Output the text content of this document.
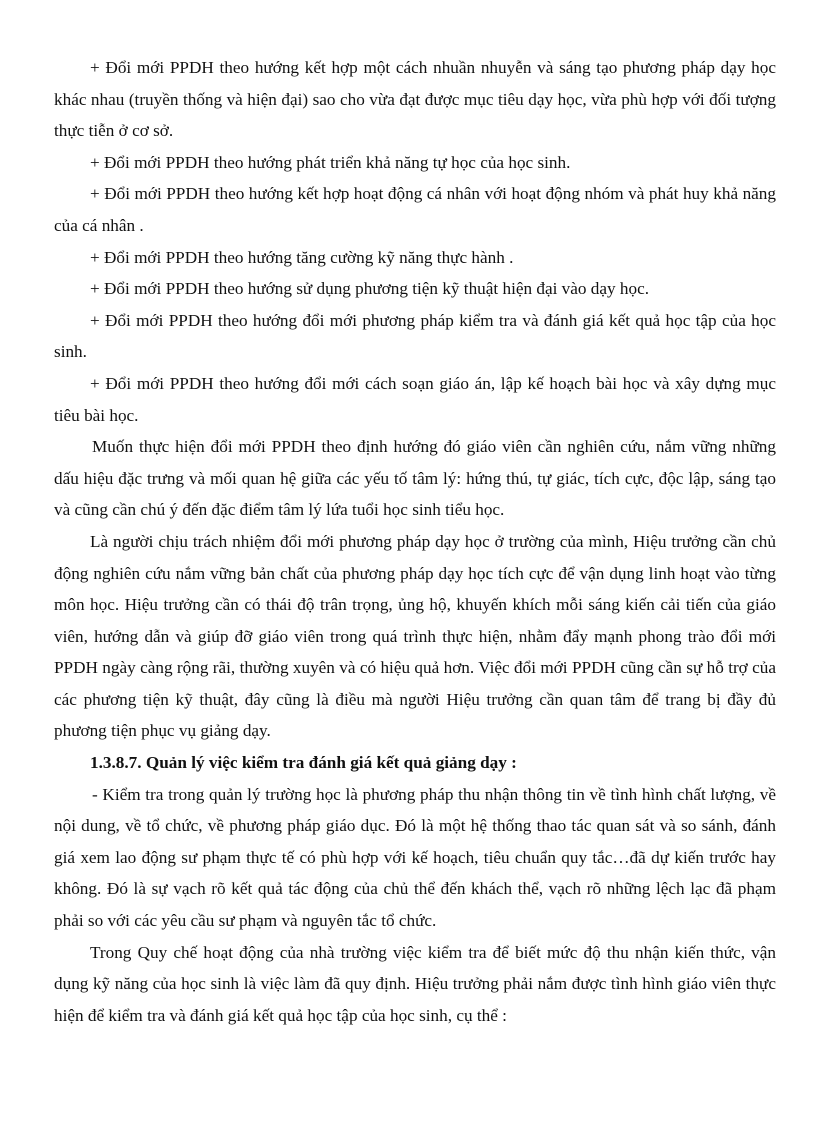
+ Đổi mới PPDH theo hướng kết hợp một cách nhuần nhuyễn và sáng tạo phương pháp dạy học khác nhau (truyền thống và hiện đại) sao cho vừa đạt được mục tiêu dạy học, vừa phù hợp với đối tượng thực tiễn ở cơ sở.

+ Đổi mới PPDH theo hướng phát triển khả năng tự học của học sinh.

+ Đổi mới PPDH theo hướng kết hợp hoạt động cá nhân với hoạt động nhóm và phát huy khả năng của cá nhân .

+ Đổi mới PPDH theo hướng tăng cường kỹ năng thực hành .

+ Đổi mới PPDH theo hướng sử dụng phương tiện kỹ thuật hiện đại vào dạy học.

+ Đổi mới PPDH theo hướng đổi mới phương pháp kiểm tra và đánh giá kết quả học tập của học sinh.

+ Đổi mới PPDH theo hướng đổi mới cách soạn giáo án, lập kế hoạch bài học và xây dựng mục tiêu bài học.

Muốn thực hiện đổi mới PPDH theo định hướng đó giáo viên cần nghiên cứu, nắm vững những dấu hiệu đặc trưng và mối quan hệ giữa các yếu tố tâm lý: hứng thú, tự giác, tích cực, độc lập, sáng tạo và cũng cần chú ý đến đặc điểm tâm lý lứa tuổi học sinh tiểu học.

Là người chịu trách nhiệm đổi mới phương pháp dạy học ở trường của mình, Hiệu trưởng cần chủ động nghiên cứu nắm vững bản chất của phương pháp dạy học tích cực để vận dụng linh hoạt vào từng môn học. Hiệu trưởng cần có thái độ trân trọng, ủng hộ, khuyến khích mỗi sáng kiến cải tiến của giáo viên, hướng dẫn và giúp đỡ giáo viên trong quá trình thực hiện, nhằm đẩy mạnh phong trào đổi mới PPDH ngày càng rộng rãi, thường xuyên và có hiệu quả hơn. Việc đổi mới PPDH cũng cần sự hỗ trợ của các phương tiện kỹ thuật, đây cũng là điều mà người Hiệu trưởng cần quan tâm để trang bị đầy đủ phương tiện phục vụ giảng dạy.

1.3.8.7. Quản lý việc kiểm tra đánh giá kết quả giảng dạy :

- Kiểm tra trong quản lý trường học là phương pháp thu nhận thông tin về tình hình chất lượng, về nội dung, về tổ chức, về phương pháp giáo dục. Đó là một hệ thống thao tác quan sát và so sánh, đánh giá xem lao động sư phạm thực tế có phù hợp với kế hoạch, tiêu chuẩn quy tắc…đã dự kiến trước hay không. Đó là sự vạch rõ kết quả tác động của chủ thể đến khách thể, vạch rõ những lệch lạc đã phạm phải so với các yêu cầu sư phạm và nguyên tắc tổ chức.

Trong Quy chế hoạt động của nhà trường việc kiểm tra để biết mức độ thu nhận kiến thức, vận dụng kỹ năng của học sinh là việc làm đã quy định. Hiệu trưởng phải nắm được tình hình giáo viên thực hiện để kiểm tra và đánh giá kết quả học tập của học sinh, cụ thể :
